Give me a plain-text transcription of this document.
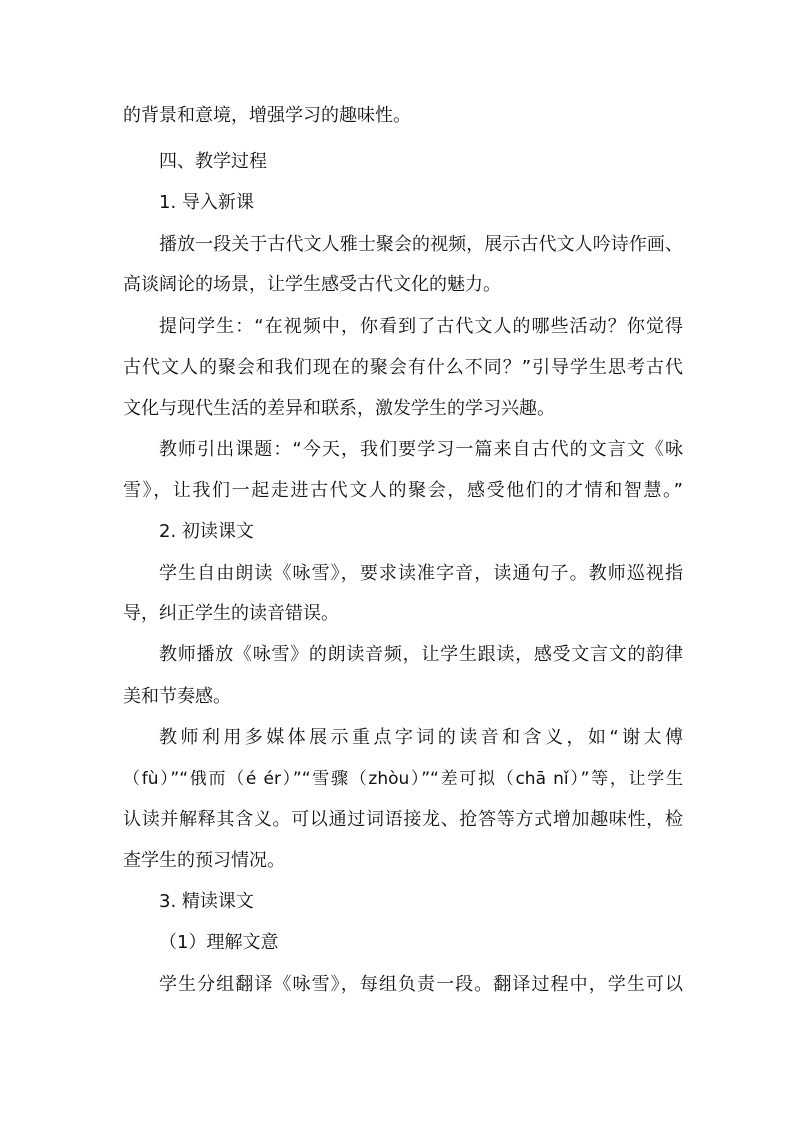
的背景和意境，增强学习的趣味性。
四、教学过程
1. 导入新课
播放一段关于古代文人雅士聚会的视频，展示古代文人吟诗作画、
高谈阔论的场景，让学生感受古代文化的魅力。
提问学生：“在视频中，你看到了古代文人的哪些活动？你觉得
古代文人的聚会和我们现在的聚会有什么不同？”引导学生思考古代
文化与现代生活的差异和联系，激发学生的学习兴趣。
教师引出课题：“今天，我们要学习一篇来自古代的文言文《咏
雪》，让我们一起走进古代文人的聚会，感受他们的才情和智慧。”
2. 初读课文
学生自由朗读《咏雪》，要求读准字音，读通句子。教师巡视指
导，纠正学生的读音错误。
教师播放《咏雪》的朗读音频，让学生跟读，感受文言文的韵律
美和节奏感。
教师利用多媒体展示重点字词的读音和含义，如“谢太傅
（fù）”“俄而（é ér）”“雪骤（zhòu）”“差可拟（chā nǐ）”等，让学生
认读并解释其含义。可以通过词语接龙、抢答等方式增加趣味性，检
查学生的预习情况。
3. 精读课文
（1）理解文意
学生分组翻译《咏雪》，每组负责一段。翻译过程中，学生可以
